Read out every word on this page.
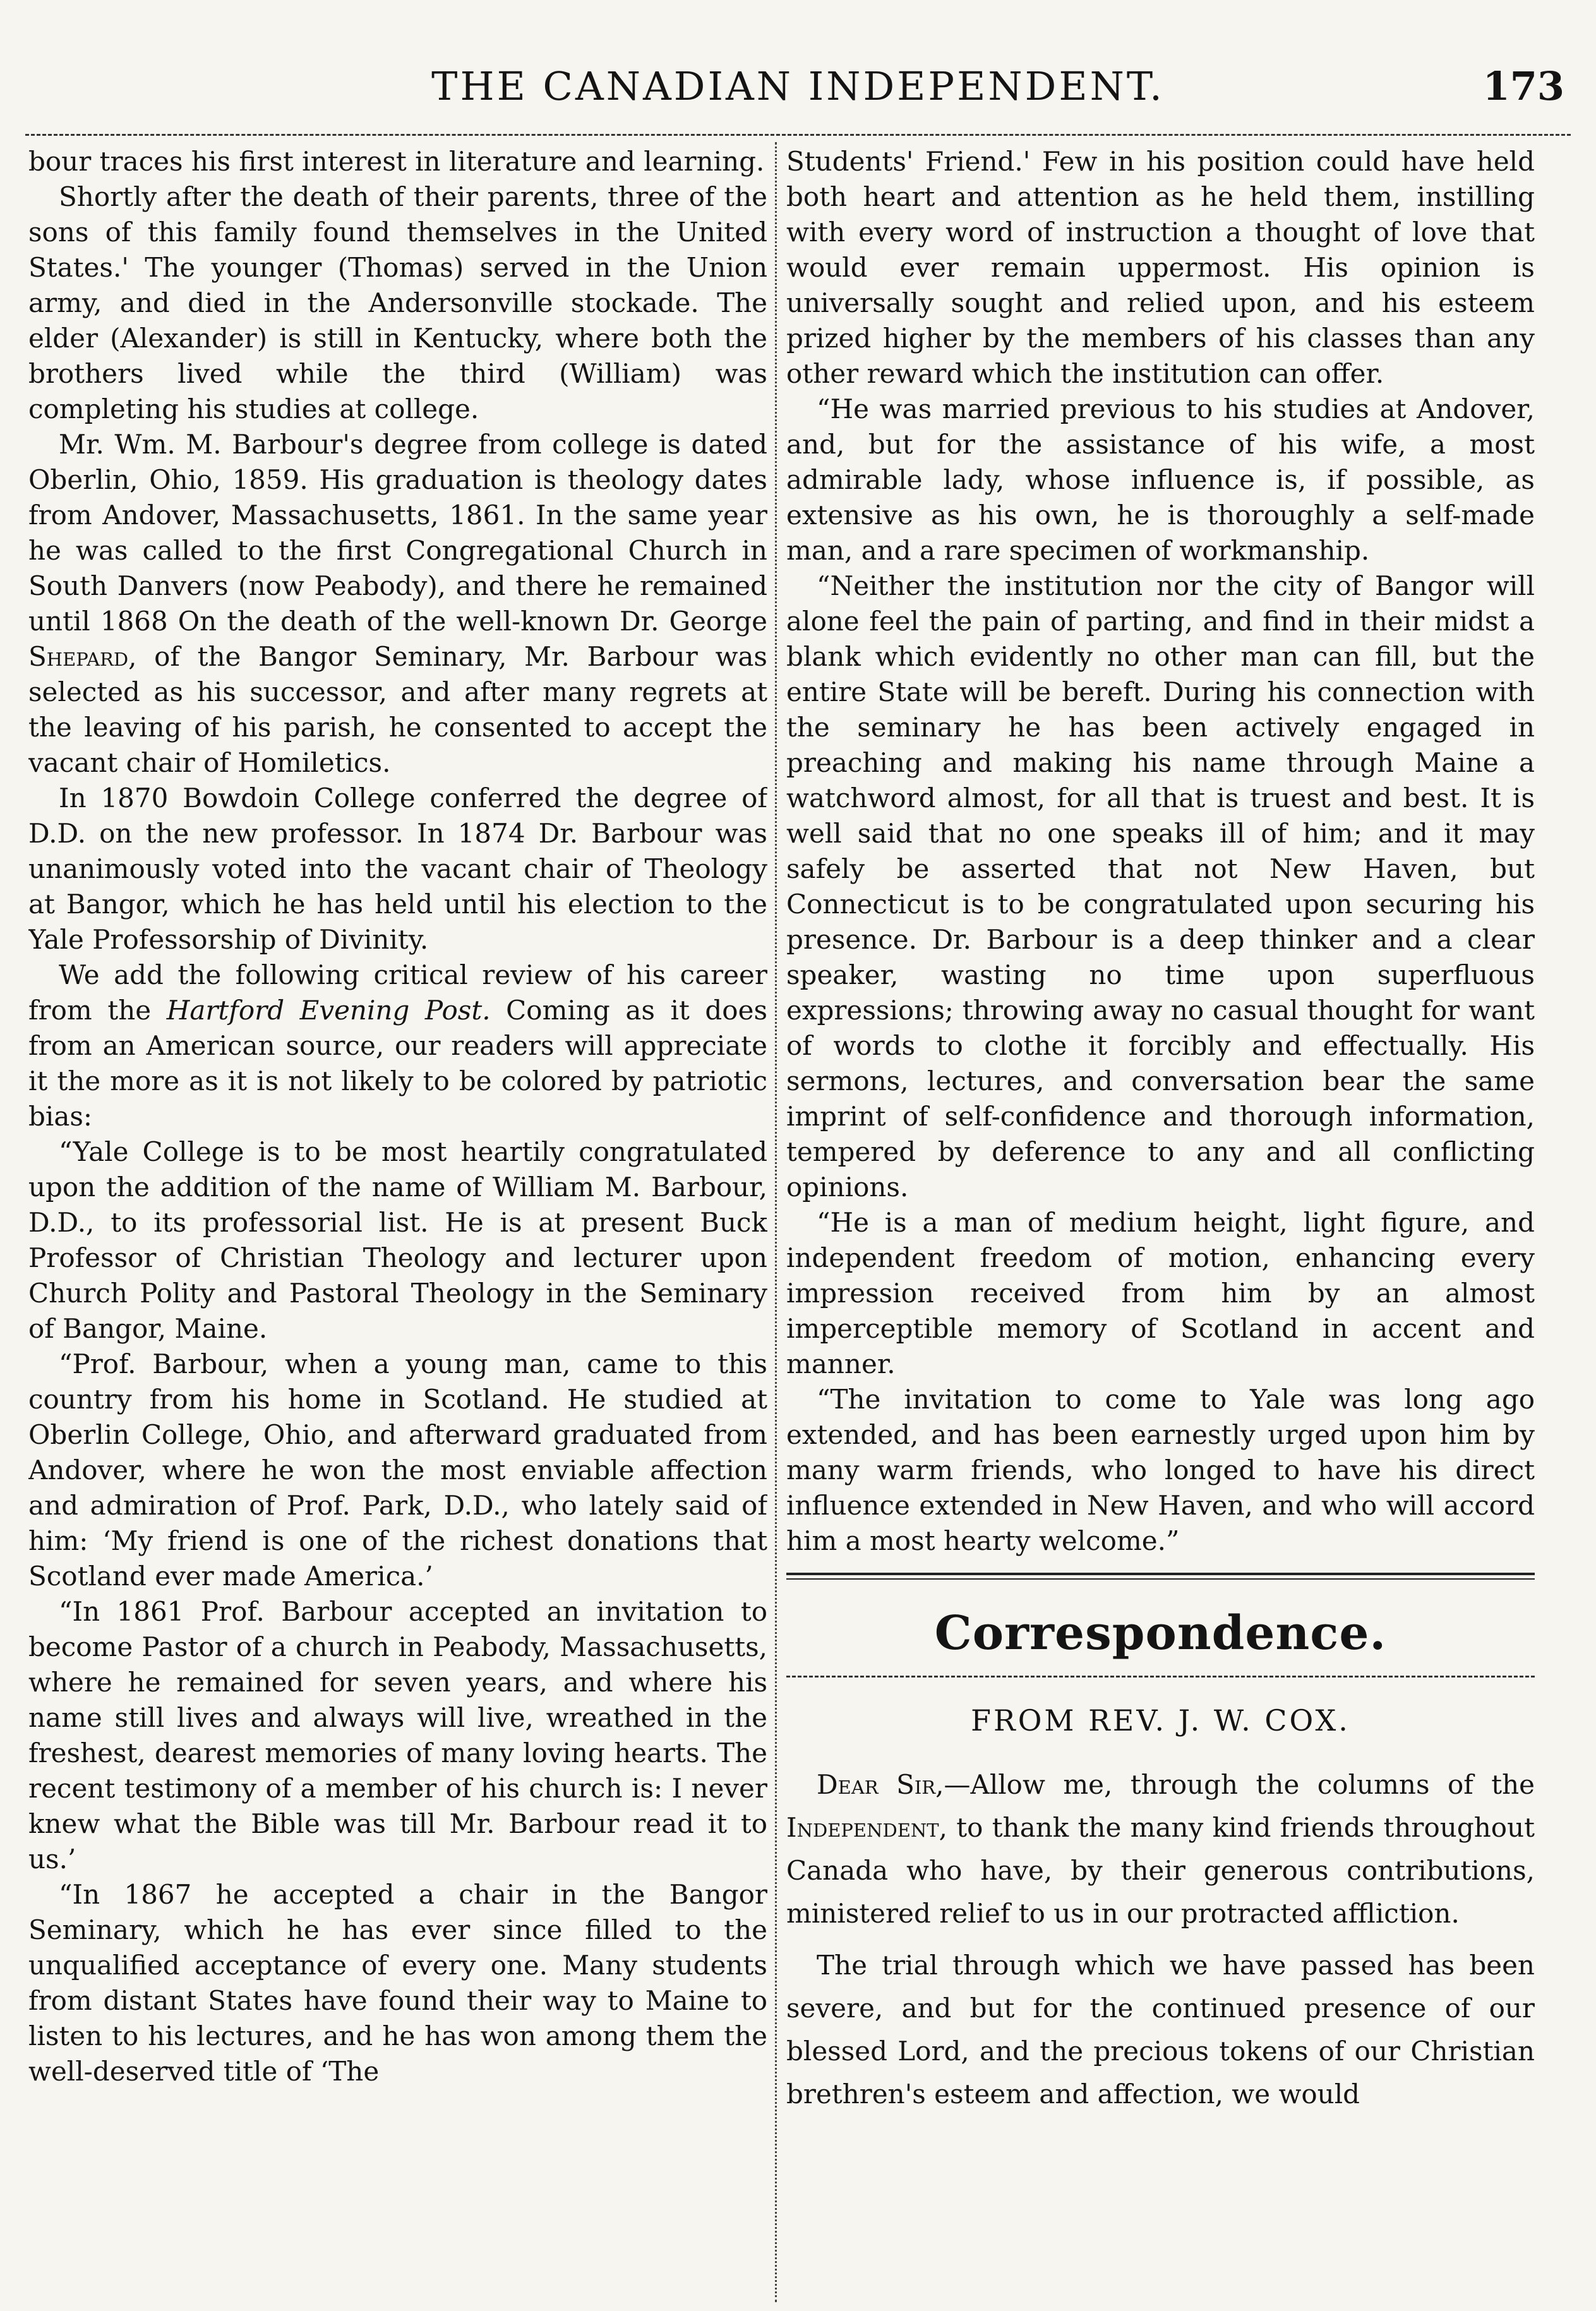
THE CANADIAN INDEPENDENT.	173

bour traces his first interest in literature and learning.

Shortly after the death of their parents, three of the sons of this family found themselves in the United States.' The younger (Thomas) served in the Union army, and died in the Andersonville stockade. The elder (Alexander) is still in Kentucky, where both the brothers lived while the third (William) was completing his studies at college.

Mr. Wm. M. Barbour's degree from college is dated Oberlin, Ohio, 1859. His graduation is theology dates from Andover, Massachusetts, 1861. In the same year he was called to the first Congregational Church in South Danvers (now Peabody), and there he remained until 1868 On the death of the well-known Dr. George Shepard, of the Bangor Seminary, Mr. Barbour was selected as his successor, and after many regrets at the leaving of his parish, he consented to accept the vacant chair of Homiletics.

In 1870 Bowdoin College conferred the degree of D.D. on the new professor. In 1874 Dr. Barbour was unanimously voted into the vacant chair of Theology at Bangor, which he has held until his election to the Yale Professorship of Divinity.

We add the following critical review of his career from the Hartford Evening Post. Coming as it does from an American source, our readers will appreciate it the more as it is not likely to be colored by patriotic bias:

“Yale College is to be most heartily congratulated upon the addition of the name of William M. Barbour, D.D., to its professorial list. He is at present Buck Professor of Christian Theology and lecturer upon Church Polity and Pastoral Theology in the Seminary of Bangor, Maine.

“Prof. Barbour, when a young man, came to this country from his home in Scotland. He studied at Oberlin College, Ohio, and afterward graduated from Andover, where he won the most enviable affection and admiration of Prof. Park, D.D., who lately said of him: ‘My friend is one of the richest donations that Scotland ever made America.’

“In 1861 Prof. Barbour accepted an invitation to become Pastor of a church in Peabody, Massachusetts, where he remained for seven years, and where his name still lives and always will live, wreathed in the freshest, dearest memories of many loving hearts. The recent testimony of a member of his church is: I never knew what the Bible was till Mr. Barbour read it to us.’

“In 1867 he accepted a chair in the Bangor Seminary, which he has ever since filled to the unqualified acceptance of every one. Many students from distant States have found their way to Maine to listen to his lectures, and he has won among them the well-deserved title of ‘The

Students' Friend.' Few in his position could have held both heart and attention as he held them, instilling with every word of instruction a thought of love that would ever remain uppermost. His opinion is universally sought and relied upon, and his esteem prized higher by the members of his classes than any other reward which the institution can offer.

“He was married previous to his studies at Andover, and, but for the assistance of his wife, a most admirable lady, whose influence is, if possible, as extensive as his own, he is thoroughly a self-made man, and a rare specimen of workmanship.

“Neither the institution nor the city of Bangor will alone feel the pain of parting, and find in their midst a blank which evidently no other man can fill, but the entire State will be bereft. During his connection with the seminary he has been actively engaged in preaching and making his name through Maine a watchword almost, for all that is truest and best. It is well said that no one speaks ill of him; and it may safely be asserted that not New Haven, but Connecticut is to be congratulated upon securing his presence. Dr. Barbour is a deep thinker and a clear speaker, wasting no time upon superfluous expressions; throwing away no casual thought for want of words to clothe it forcibly and effectually. His sermons, lectures, and conversation bear the same imprint of self-confidence and thorough information, tempered by deference to any and all conflicting opinions.

“He is a man of medium height, light figure, and independent freedom of motion, enhancing every impression received from him by an almost imperceptible memory of Scotland in accent and manner.

“The invitation to come to Yale was long ago extended, and has been earnestly urged upon him by many warm friends, who longed to have his direct influence extended in New Haven, and who will accord him a most hearty welcome.”

Correspondence.
FROM REV. J. W. COX.

Dear Sir,—Allow me, through the columns of the Independent, to thank the many kind friends throughout Canada who have, by their generous contributions, ministered relief to us in our protracted affliction.

The trial through which we have passed has been severe, and but for the continued presence of our blessed Lord, and the precious tokens of our Christian brethren's esteem and affection, we would
